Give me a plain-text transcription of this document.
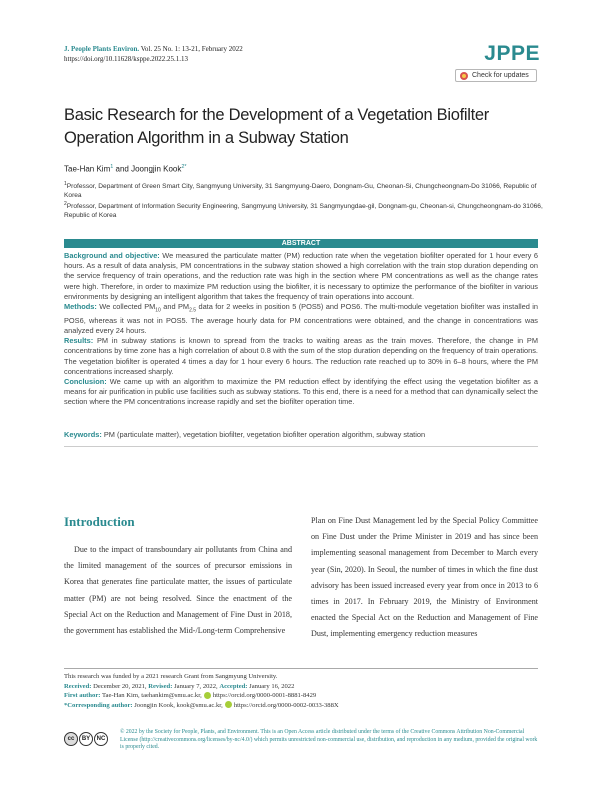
J. People Plants Environ. Vol. 25 No. 1: 13-21, February 2022
https://doi.org/10.11628/ksppe.2022.25.1.13	JPPE
Check for updates
Basic Research for the Development of a Vegetation Biofilter Operation Algorithm in a Subway Station
Tae-Han Kim$^1$ and Joongjin Kook$^{2*}$
$^1$Professor, Department of Green Smart City, Sangmyung University, 31 Sangmyung-Daero, Dongnam-Gu, Cheonan-Si, Chungcheongnam-Do 31066, Republic of Korea
$^2$Professor, Department of Information Security Engineering, Sangmyung University, 31 Sangmyungdae-gil, Dongnam-gu, Cheonan-si, Chungcheongnam-do 31066, Republic of Korea
ABSTRACT

Background and objective: We measured the particulate matter (PM) reduction rate when the vegetation biofilter operated for 1 hour every 6 hours. As a result of data analysis, PM concentrations in the subway station showed a high correlation with the train stop duration depending on the service frequency of train operations, and the reduction rate was high in the section where PM concentrations as well as the change rates were high. Therefore, in order to maximize PM reduction using the biofilter, it is necessary to optimize the performance of the biofilter in various environments by designing an intelligent algorithm that takes the frequency of train operations into account.

Methods: We collected $PM_{10}$ and $PM_{2.5}$ data for 2 weeks in position 5 (POS5) and POS6. The multi-module vegetation biofilter was installed in POS6, whereas it was not in POS5. The average hourly data for PM concentrations were obtained, and the change in concentrations was analyzed every 24 hours.

Results: PM in subway stations is known to spread from the tracks to waiting areas as the train moves. Therefore, the change in PM concentrations by time zone has a high correlation of about 0.8 with the sum of the stop duration depending on the frequency of train operations. The vegetation biofilter is operated 4 times a day for 1 hour every 6 hours. The reduction rate reached up to 30% in 6–8 hours, where the PM concentrations increased sharply.

Conclusion: We came up with an algorithm to maximize the PM reduction effect by identifying the effect using the vegetation biofilter as a means for air purification in public use facilities such as subway stations. To this end, there is a need for a method that can dynamically select the section where the PM concentrations increase rapidly and set the biofilter operation time.

Keywords: PM (particulate matter), vegetation biofilter, vegetation biofilter operation algorithm, subway station
Introduction
Due to the impact of transboundary air pollutants from China and the limited management of the sources of precursor emissions in Korea that generates fine particulate matter, the issues of particulate matter (PM) are not being resolved. Since the enactment of the Special Act on the Reduction and Management of Fine Dust in 2018, the government has established the Mid-/Long-term Comprehensive
Plan on Fine Dust Management led by the Special Policy Committee on Fine Dust under the Prime Minister in 2019 and has since been implementing seasonal management from December to March every year (Sin, 2020). In Seoul, the number of times in which the fine dust advisory has been issued increased every year from once in 2013 to 6 times in 2017. In February 2019, the Ministry of Environment enacted the Special Act on the Reduction and Management of Fine Dust, implementing emergency reduction measures
This research was funded by a 2021 research Grant from Sangmyung University.
Received: December 20, 2021, Revised: January 7, 2022, Accepted: January 16, 2022
First author: Tae-Han Kim, taehankim@smu.ac.kr, https://orcid.org/0000-0001-8881-8429
*Corresponding author: Joongjin Kook, kook@smu.ac.kr, https://orcid.org/0000-0002-0033-388X
cc	BY	NC
© 2022 by the Society for People, Plants, and Environment. This is an Open Access article distributed under the terms of the Creative Commons Attribution Non-Commercial License (http://creativecommons.org/licenses/by-nc/4.0/) which permits unrestricted non-commercial use, distribution, and reproduction in any medium, provided the original work is properly cited.
